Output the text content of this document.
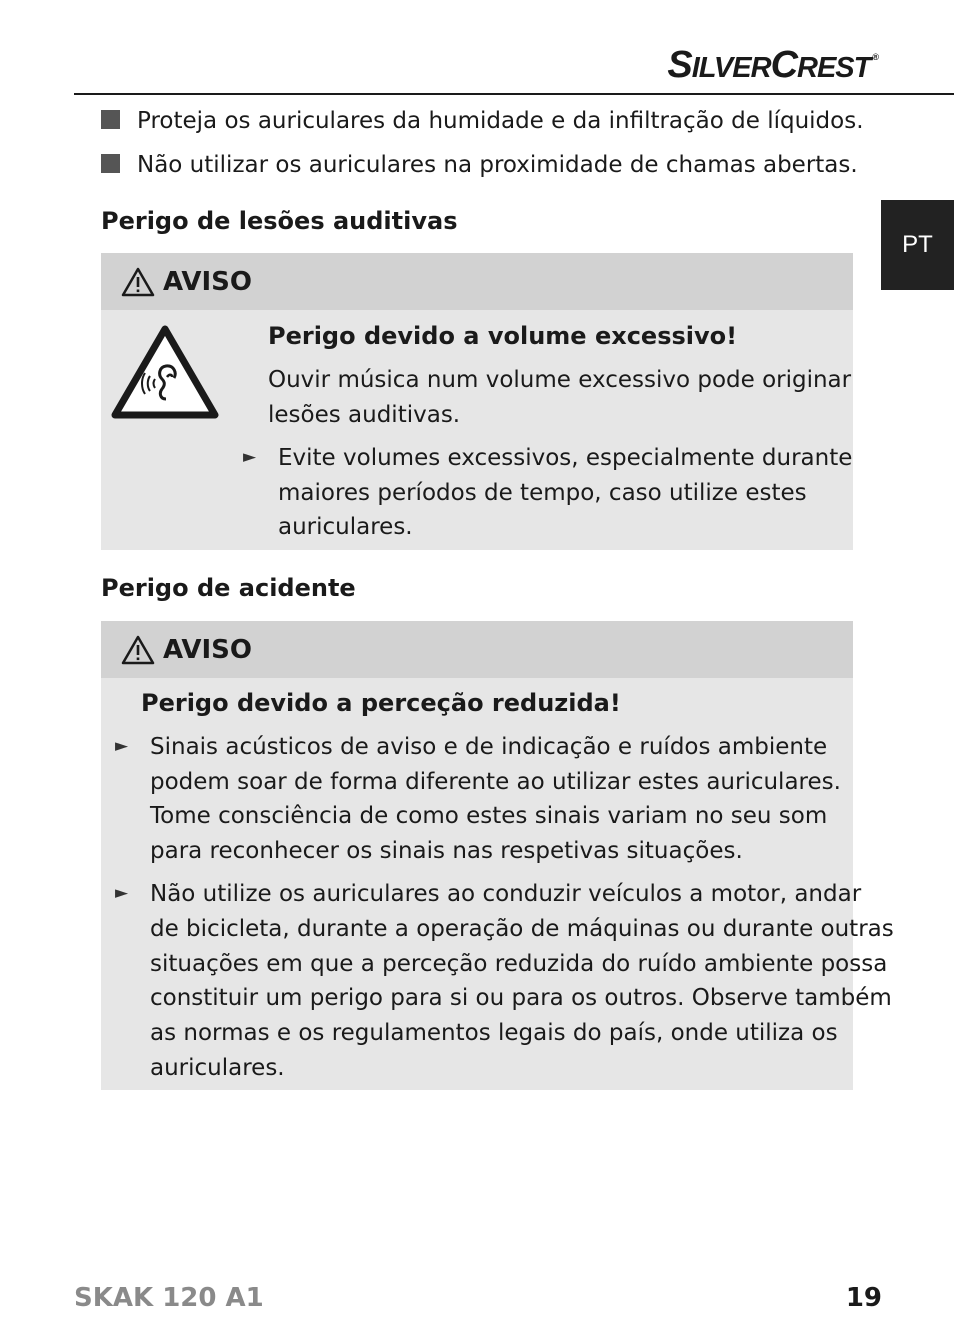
SILVERCREST ®
PT
Proteja os auriculares da humidade e da infiltração de líquidos.
Não utilizar os auriculares na proximidade de chamas abertas.
Perigo de lesões auditivas
AVISO
Perigo devido a volume excessivo!
Ouvir música num volume excessivo pode originar
lesões auditivas.
► Evite volumes excessivos, especialmente durante
maiores períodos de tempo, caso utilize estes
auriculares.
Perigo de acidente
AVISO
Perigo devido a perceção reduzida!
► Sinais acústicos de aviso e de indicação e ruídos ambiente
podem soar de forma diferente ao utilizar estes auriculares.
Tome consciência de como estes sinais variam no seu som
para reconhecer os sinais nas respetivas situações.
► Não utilize os auriculares ao conduzir veículos a motor, andar
de bicicleta, durante a operação de máquinas ou durante outras
situações em que a perceção reduzida do ruído ambiente possa
constituir um perigo para si ou para os outros. Observe também
as normas e os regulamentos legais do país, onde utiliza os
auriculares.
SKAK 120 A1	19
